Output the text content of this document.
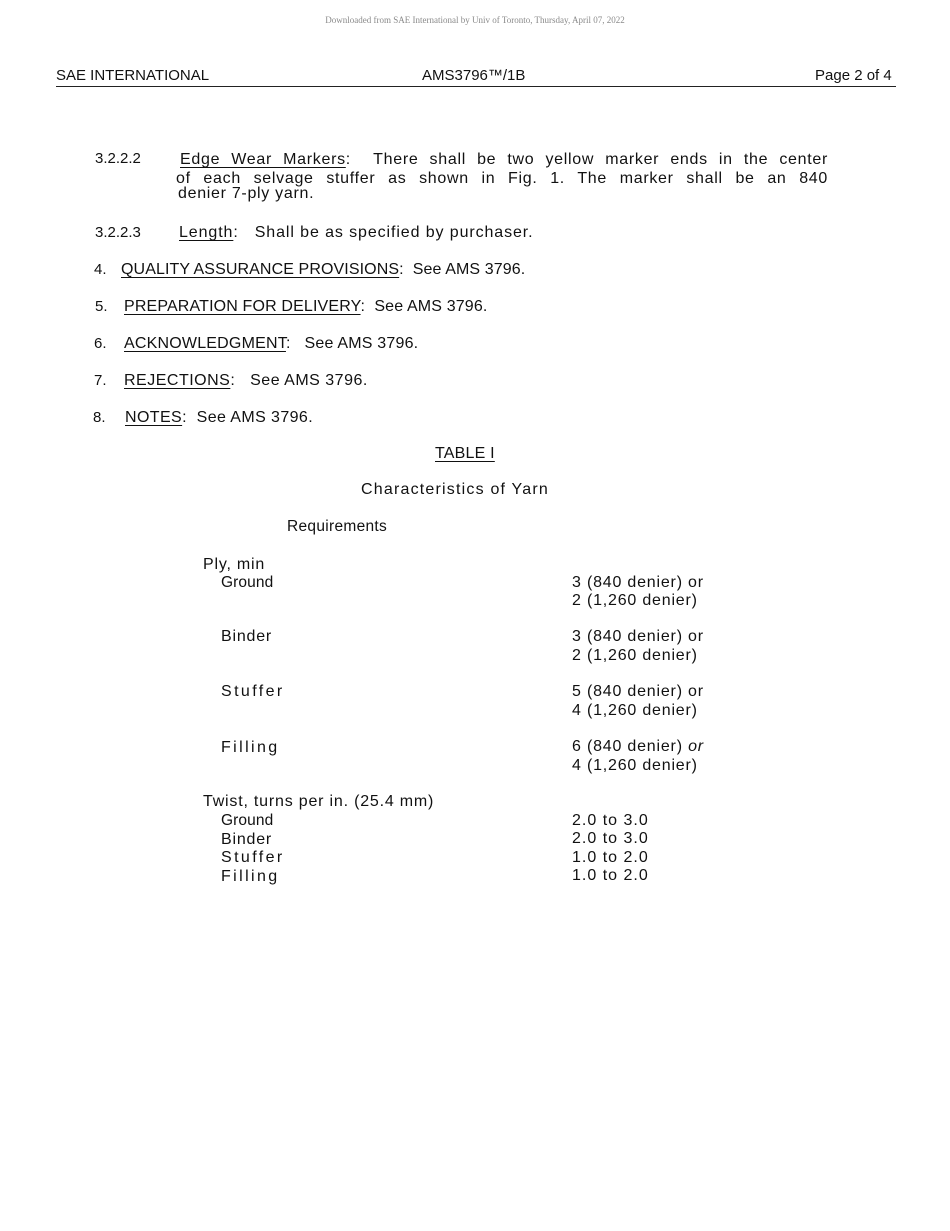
Downloaded from SAE International by Univ of Toronto, Thursday, April 07, 2022
SAE INTERNATIONAL	AMS3796™/1B	Page 2 of 4
3.2.2.2 Edge Wear Markers:  There shall be two yellow marker ends in the center
of each selvage stuffer as shown in Fig. 1. The marker shall be an 840
denier 7-ply yarn.
3.2.2.3 Length:   Shall be as specified by purchaser.
4. QUALITY ASSURANCE PROVISIONS:  See AMS 3796.
5. PREPARATION FOR DELIVERY:  See AMS 3796.
6. ACKNOWLEDGMENT:   See AMS 3796.
7. REJECTIONS:   See AMS 3796.
8. NOTES:  See AMS 3796.
TABLE I
Characteristics of Yarn
Requirements
Ply, min
Ground	3 (840 denier) or
2 (1,260 denier)
Binder	3 (840 denier) or
2 (1,260 denier)
Stuffer	5 (840 denier) or
4 (1,260 denier)
Filling	6 (840 denier) or
4 (1,260 denier)
Twist, turns per in. (25.4 mm)
Ground	2.0 to 3.0
Binder	2.0 to 3.0
Stuffer	1.0 to 2.0
Filling	1.0 to 2.0
